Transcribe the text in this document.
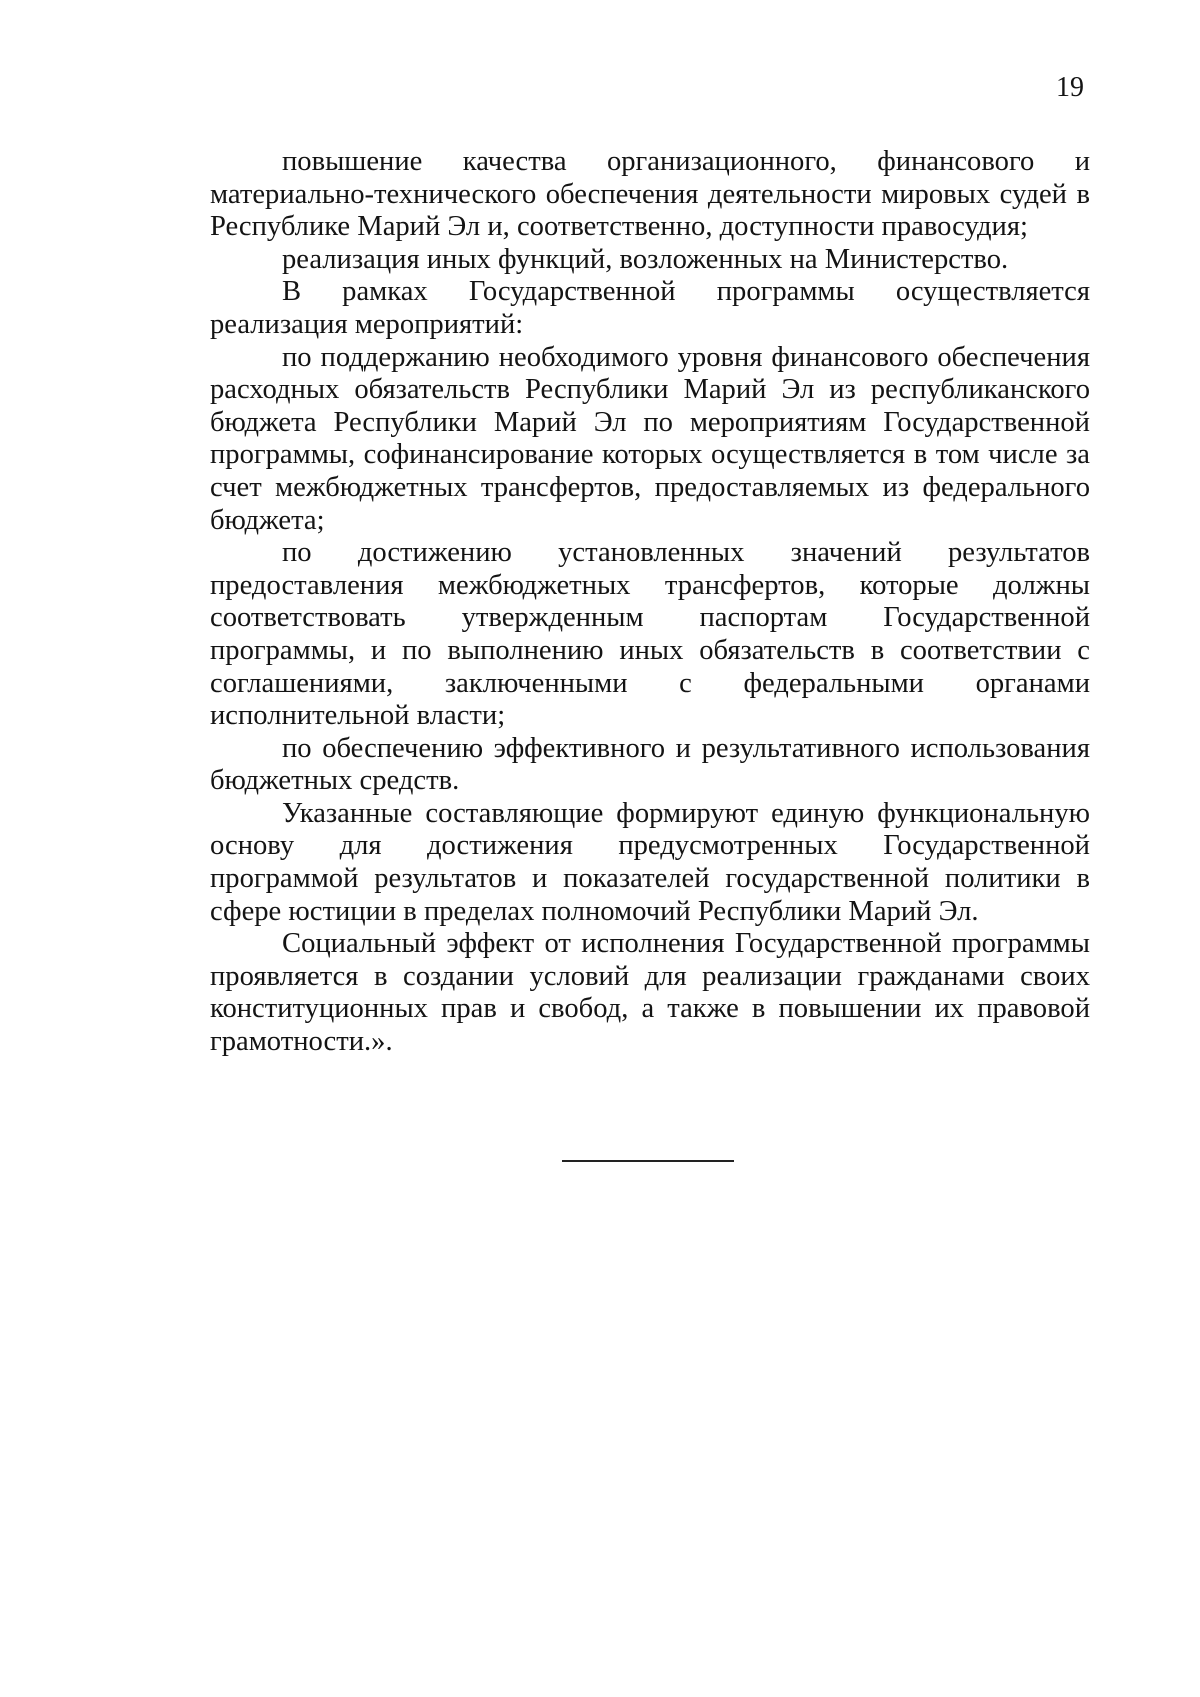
19

повышение качества организационного, финансового и материально-технического обеспечения деятельности мировых судей в Республике Марий Эл и, соответственно, доступности правосудия;

реализация иных функций, возложенных на Министерство.

В рамках Государственной программы осуществляется реализация мероприятий:

по поддержанию необходимого уровня финансового обеспечения расходных обязательств Республики Марий Эл из республиканского бюджета Республики Марий Эл по мероприятиям Государственной программы, софинансирование которых осуществляется в том числе за счет межбюджетных трансфертов, предоставляемых из федерального бюджета;

по достижению установленных значений результатов предоставления межбюджетных трансфертов, которые должны соответствовать утвержденным паспортам Государственной программы, и по выполнению иных обязательств в соответствии с соглашениями, заключенными с федеральными органами исполнительной власти;

по обеспечению эффективного и результативного использования бюджетных средств.

Указанные составляющие формируют единую функциональную основу для достижения предусмотренных Государственной программой результатов и показателей государственной политики в сфере юстиции в пределах полномочий Республики Марий Эл.

Социальный эффект от исполнения Государственной программы проявляется в создании условий для реализации гражданами своих конституционных прав и свобод, а также в повышении их правовой грамотности.».
